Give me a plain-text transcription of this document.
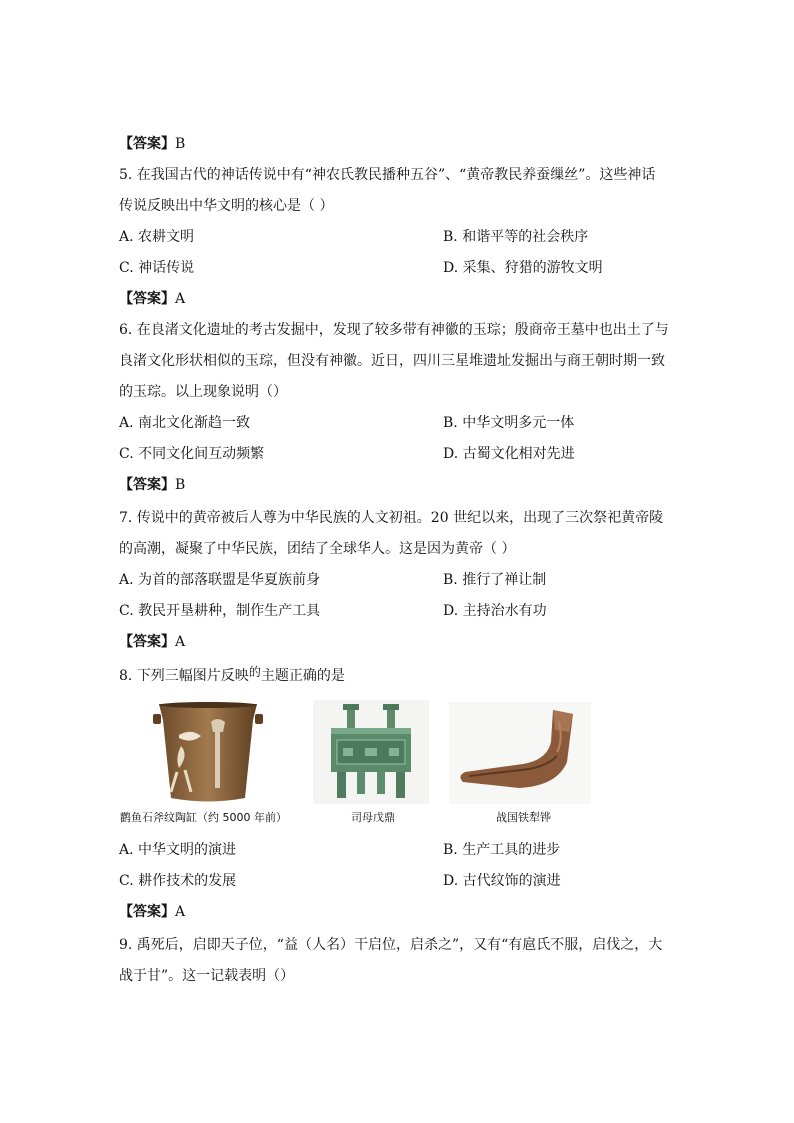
【答案】B
5. 在我国古代的神话传说中有“神农氏教民播种五谷”、“黄帝教民养蚕缫丝”。这些神话
传说反映出中华文明的核心是（ ）
A. 农耕文明	B. 和谐平等的社会秩序
C. 神话传说	D. 采集、狩猎的游牧文明
【答案】A
6. 在良渚文化遗址的考古发掘中，发现了较多带有神徽的玉琮；殷商帝王墓中也出土了与
良渚文化形状相似的玉琮，但没有神徽。近日，四川三星堆遗址发掘出与商王朝时期一致
的玉琮。以上现象说明（）
A. 南北文化渐趋一致	B. 中华文明多元一体
C. 不同文化间互动频繁	D. 古蜀文化相对先进
【答案】B
7. 传说中的黄帝被后人尊为中华民族的人文初祖。20 世纪以来，出现了三次祭祀黄帝陵
的高潮，凝聚了中华民族，团结了全球华人。这是因为黄帝（ ）
A. 为首的部落联盟是华夏族前身	B. 推行了禅让制
C. 教民开垦耕种，制作生产工具	D. 主持治水有功
【答案】A
8. 下列三幅图片反映的主题正确的是
鹳鱼石斧纹陶缸（约 5000 年前）	司母戊鼎	战国铁犁铧
A. 中华文明的演进	B. 生产工具的进步
C. 耕作技术的发展	D. 古代纹饰的演进
【答案】A
9. 禹死后，启即天子位，“益（人名）干启位，启杀之”，又有“有扈氏不服，启伐之，大
战于甘”。这一记载表明（）
